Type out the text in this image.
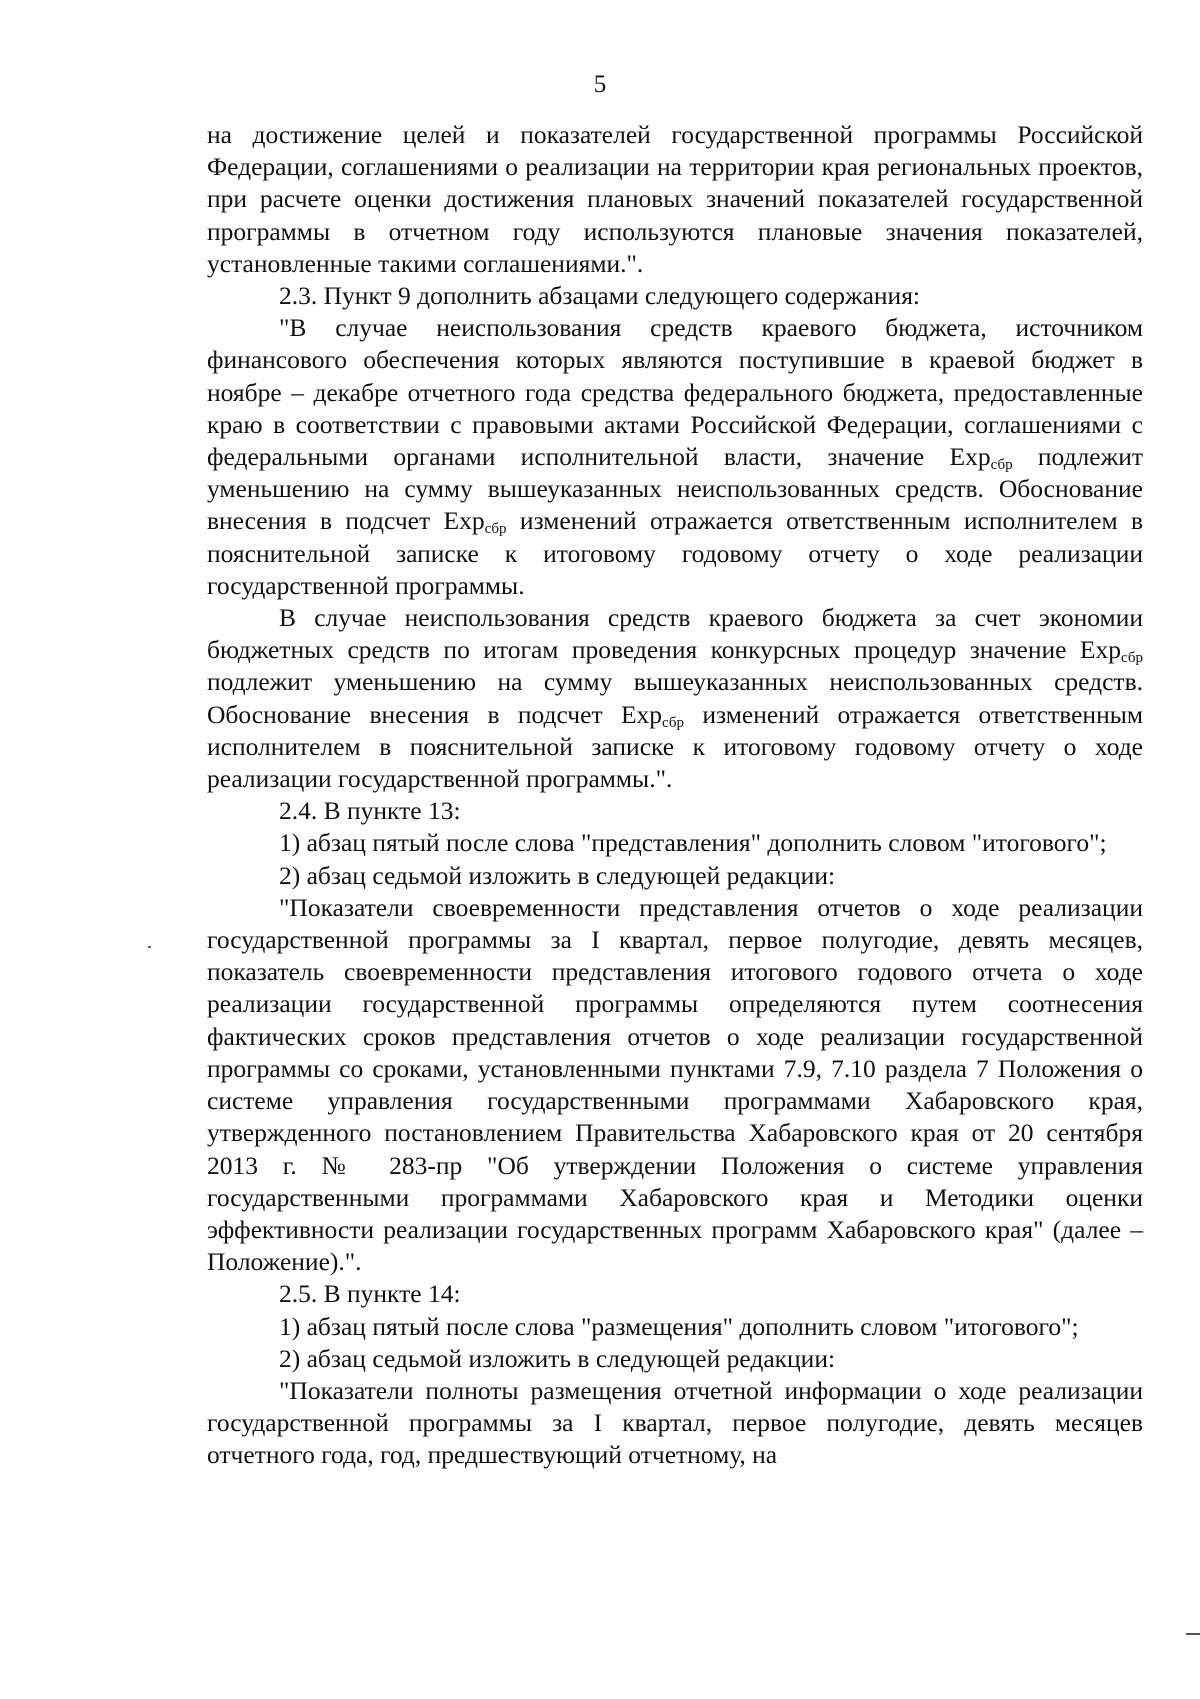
5

на достижение целей и показателей государственной программы Российской Федерации, соглашениями о реализации на территории края региональных проектов, при расчете оценки достижения плановых значений показателей государственной программы в отчетном году используются плановые значения показателей, установленные такими соглашениями.".

2.3. Пункт 9 дополнить абзацами следующего содержания:

"В случае неиспользования средств краевого бюджета, источником финансового обеспечения которых являются поступившие в краевой бюджет в ноябре – декабре отчетного года средства федерального бюджета, предоставленные краю в соответствии с правовыми актами Российской Федерации, соглашениями с федеральными органами исполнительной власти, значение Exp$_{сбр}$ подлежит уменьшению на сумму вышеуказанных неиспользованных средств. Обоснование внесения в подсчет Exp$_{сбр}$ изменений отражается ответственным исполнителем в пояснительной записке к итоговому годовому отчету о ходе реализации государственной программы.

В случае неиспользования средств краевого бюджета за счет экономии бюджетных средств по итогам проведения конкурсных процедур значение Exp$_{сбр}$ подлежит уменьшению на сумму вышеуказанных неиспользованных средств. Обоснование внесения в подсчет Exp$_{сбр}$ изменений отражается ответственным исполнителем в пояснительной записке к итоговому годовому отчету о ходе реализации государственной программы.".

2.4. В пункте 13:

1) абзац пятый после слова "представления" дополнить словом "итогового";

2) абзац седьмой изложить в следующей редакции:

"Показатели своевременности представления отчетов о ходе реализации государственной программы за I квартал, первое полугодие, девять месяцев, показатель своевременности представления итогового годового отчета о ходе реализации государственной программы определяются путем соотнесения фактических сроков представления отчетов о ходе реализации государственной программы со сроками, установленными пунктами 7.9, 7.10 раздела 7 Положения о системе управления государственными программами Хабаровского края, утвержденного постановлением Правительства Хабаровского края от 20 сентября 2013 г. № 283-пр "Об утверждении Положения о системе управления государственными программами Хабаровского края и Методики оценки эффективности реализации государственных программ Хабаровского края" (далее – Положение).".

2.5. В пункте 14:

1) абзац пятый после слова "размещения" дополнить словом "итогового";

2) абзац седьмой изложить в следующей редакции:

"Показатели полноты размещения отчетной информации о ходе реализации государственной программы за I квартал, первое полугодие, девять месяцев отчетного года, год, предшествующий отчетному, на
